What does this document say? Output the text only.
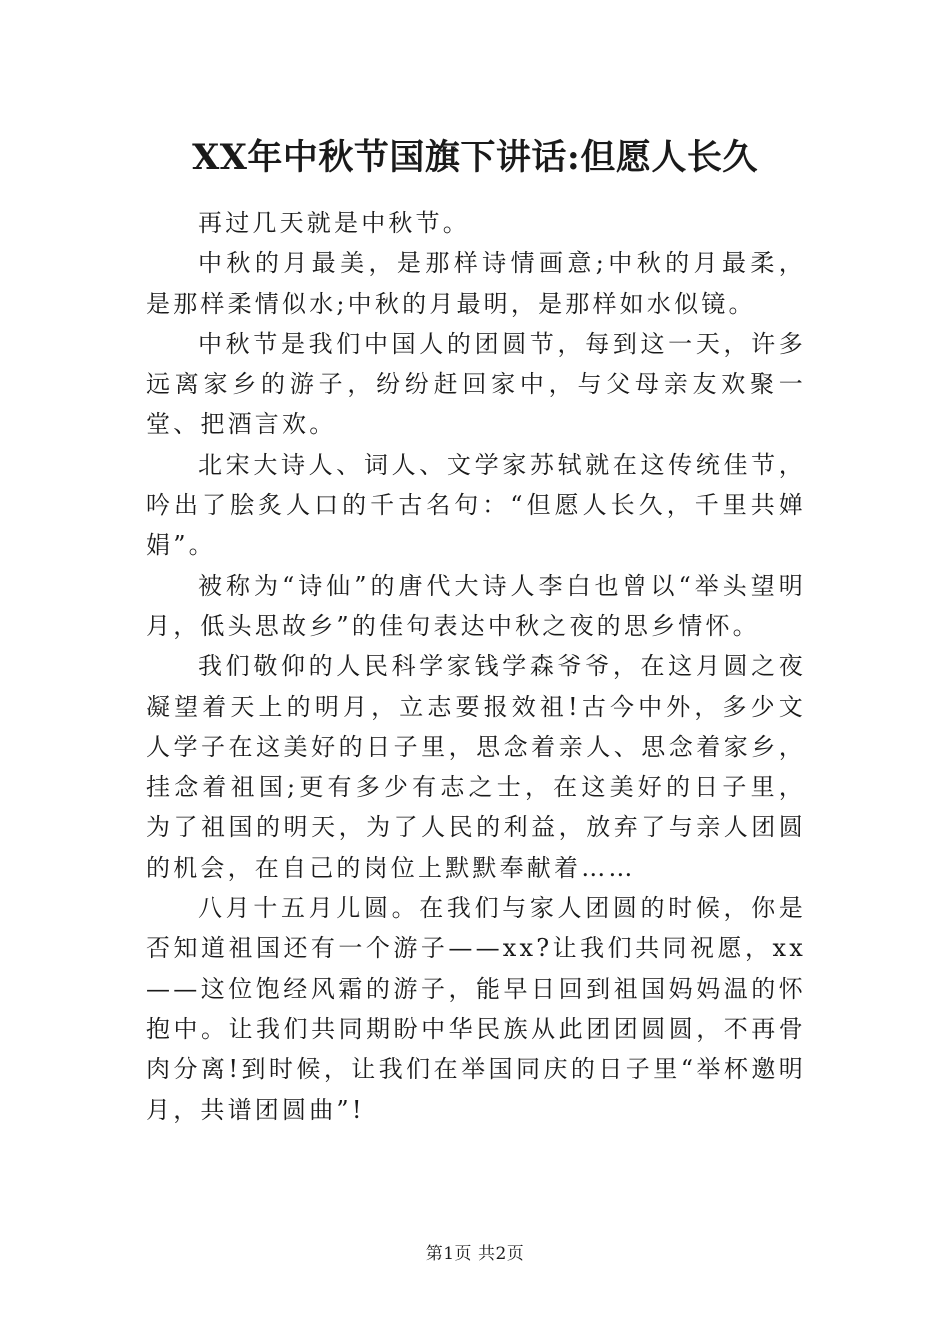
XX年中秋节国旗下讲话:但愿人长久

再过几天就是中秋节。

中秋的月最美，是那样诗情画意;中秋的月最柔，是那样柔情似水;中秋的月最明，是那样如水似镜。

中秋节是我们中国人的团圆节，每到这一天，许多远离家乡的游子，纷纷赶回家中，与父母亲友欢聚一堂、把酒言欢。

北宋大诗人、词人、文学家苏轼就在这传统佳节，吟出了脍炙人口的千古名句：“但愿人长久，千里共婵娟”。

被称为“诗仙”的唐代大诗人李白也曾以“举头望明月，低头思故乡”的佳句表达中秋之夜的思乡情怀。

我们敬仰的人民科学家钱学森爷爷，在这月圆之夜凝望着天上的明月，立志要报效祖!古今中外，多少文人学子在这美好的日子里，思念着亲人、思念着家乡，挂念着祖国;更有多少有志之士，在这美好的日子里，为了祖国的明天，为了人民的利益，放弃了与亲人团圆的机会，在自己的岗位上默默奉献着……

八月十五月儿圆。在我们与家人团圆的时候，你是否知道祖国还有一个游子——xx?让我们共同祝愿，xx——这位饱经风霜的游子，能早日回到祖国妈妈温的怀抱中。让我们共同期盼中华民族从此团团圆圆，不再骨肉分离!到时候，让我们在举国同庆的日子里“举杯邀明月，共谱团圆曲”!

第1页 共2页
